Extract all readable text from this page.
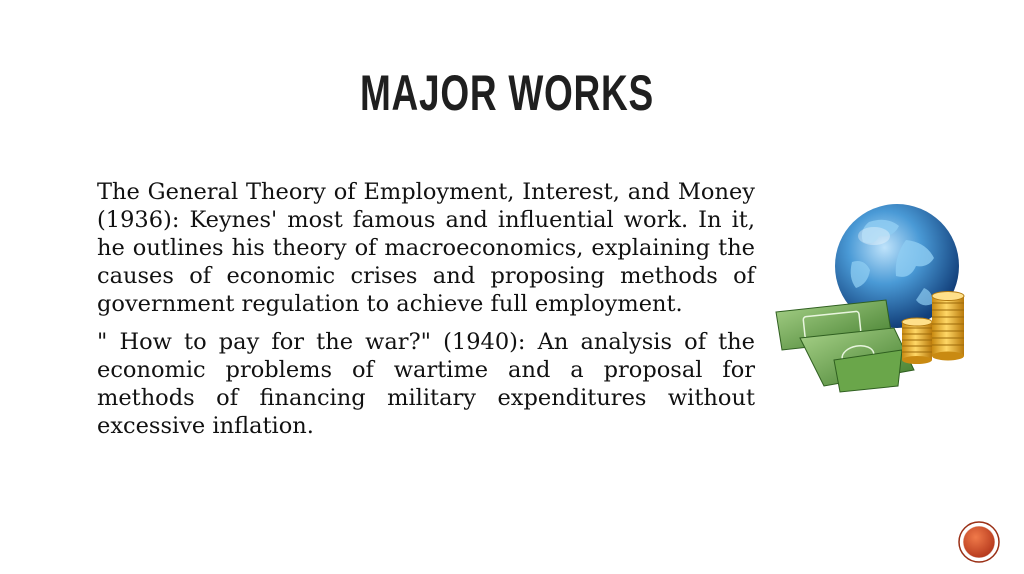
MAJOR WORKS

The General Theory of Employment, Interest, and Money (1936): Keynes' most famous and influential work. In it, he outlines his theory of macroeconomics, explaining the causes of economic crises and proposing methods of government regulation to achieve full employment.

" How to pay for the war?" (1940): An analysis of the economic problems of wartime and a proposal for methods of financing military expenditures without excessive inflation.
